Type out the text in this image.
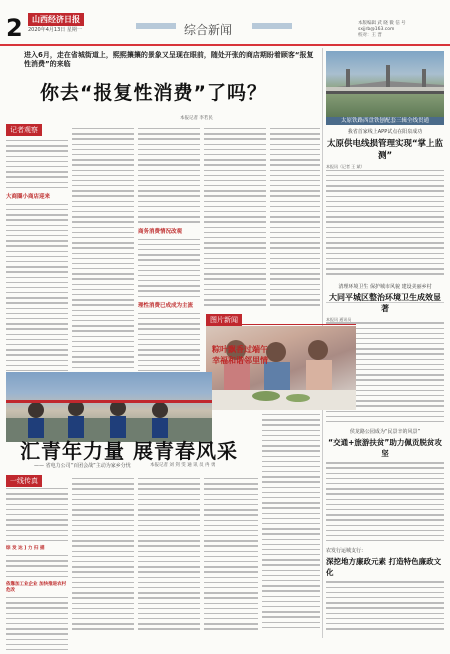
2	山西经济日报
2020年4月13日 星期一	综合新闻	本版编辑 武 晓 微 信 号
sxjjrb@163.com
校对：王 晋
进入6月，走在省城街道上，熙熙攘攘的景象又呈现在眼前，随处开张的商店期盼着顾客“报复性消费”的来临
你去“报复性消费”了吗？
本报记者 李若民	太原铁路西盘铁刨配套三辑全线贯通
记者观察
大商圈小商店迎来
商务消费情况改观
理性消费已成成为主流
我省首家线上APP试点在阳泉成功
太原供电线损管理实现“掌上监测”
本报讯（记者 王 斌）
清理环境卫生 保护城市风貌 建设美丽乡村
大同平城区整治环境卫生成效显著
本报讯 通讯员
侯龙路公园成为“民景辛的风景”
“交通+旅游扶贫”助力佩贡脱贫攻坚
农发行运城支行：
深挖地方廉政元素 打造特色廉政文化
图片新闻
粽叶飘香过端午
幸福和谐邻里情
汇青年力量 展青春风采
—— 省电力公司“百团会战”主动为家乡分忧	本报记者 刘 剑 雯 通 讯 员 冉 勇
一线传真
综 发 达 ] 力 扫 描
依靠加工业企业 加快推进农村危改
